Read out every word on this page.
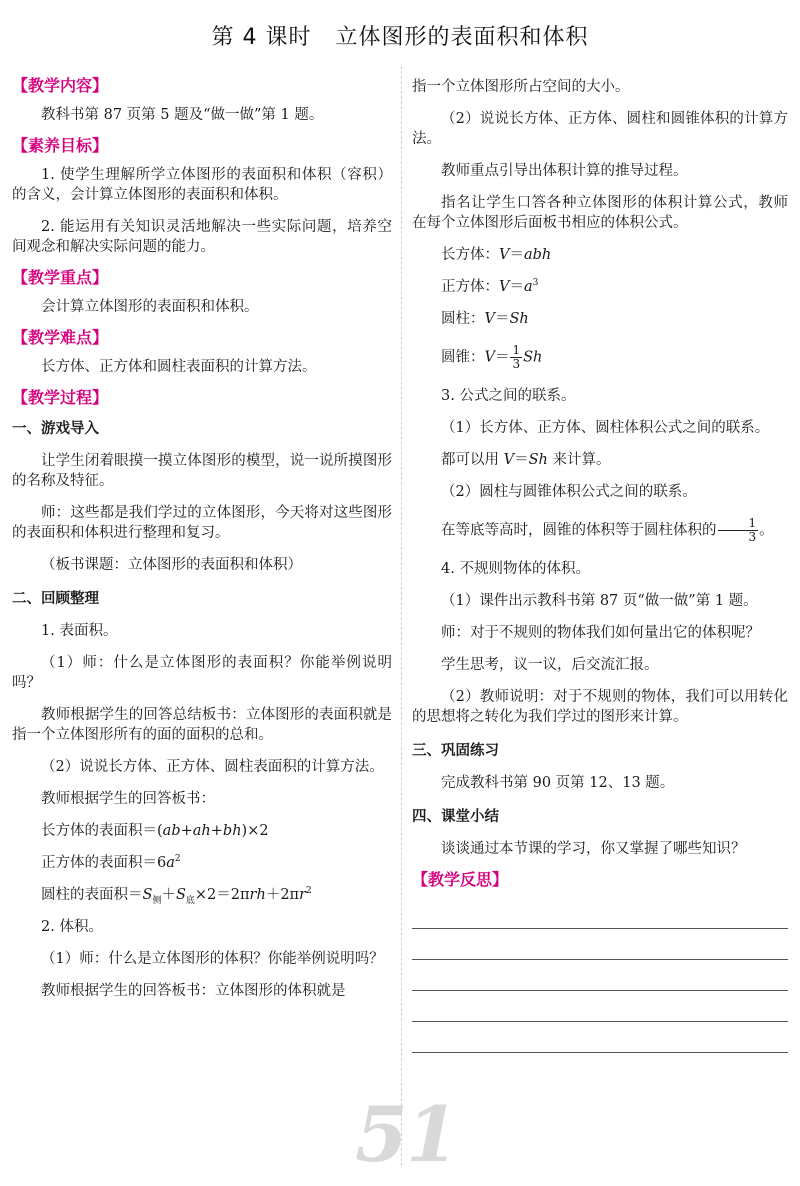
第 4 课时 立体图形的表面积和体积
【教学内容】

教科书第 87 页第 5 题及“做一做”第 1 题。

【素养目标】

1. 使学生理解所学立体图形的表面积和体积（容积）的含义，会计算立体图形的表面积和体积。

2. 能运用有关知识灵活地解决一些实际问题，培养空间观念和解决实际问题的能力。

【教学重点】

会计算立体图形的表面积和体积。

【教学难点】

长方体、正方体和圆柱表面积的计算方法。

【教学过程】
一、游戏导入

让学生闭着眼摸一摸立体图形的模型，说一说所摸图形的名称及特征。

师：这些都是我们学过的立体图形，今天将对这些图形的表面积和体积进行整理和复习。

（板书课题：立体图形的表面积和体积）

二、回顾整理

1. 表面积。

（1）师：什么是立体图形的表面积？你能举例说明吗？

教师根据学生的回答总结板书：立体图形的表面积就是指一个立体图形所有的面的面积的总和。

（2）说说长方体、正方体、圆柱表面积的计算方法。

教师根据学生的回答板书：

长方体的表面积＝(ab+ah+bh)×2

正方体的表面积$=6a^2$

圆柱的表面积$=S_侧+S_底\times 2=2\pi rh+2\pi r^2$

2. 体积。

（1）师：什么是立体图形的体积？你能举例说明吗？

教师根据学生的回答板书：立体图形的体积就是

指一个立体图形所占空间的大小。

（2）说说长方体、正方体、圆柱和圆锥体积的计算方法。

教师重点引导出体积计算的推导过程。

指名让学生口答各种立体图形的体积计算公式，教师在每个立体图形后面板书相应的体积公式。

长方体：V＝abh

正方体：$V=a^3$

圆柱：V＝Sh

圆锥：$V= \frac{1}{3}$ Sh

3. 公式之间的联系。

（1）长方体、正方体、圆柱体积公式之间的联系。

都可以用 V＝Sh 来计算。

（2）圆柱与圆锥体积公式之间的联系。

在等底等高时，圆锥的体积等于圆柱体积的 $\frac{1}{3}$ 。

4. 不规则物体的体积。

（1）课件出示教科书第 87 页“做一做”第 1 题。

师：对于不规则的物体我们如何量出它的体积呢？

学生思考，议一议，后交流汇报。

（2）教师说明：对于不规则的物体，我们可以用转化的思想将之转化为我们学过的图形来计算。

三、巩固练习

完成教科书第 90 页第 12、13 题。

四、课堂小结

谈谈通过本节课的学习，你又掌握了哪些知识？

【教学反思】
51
